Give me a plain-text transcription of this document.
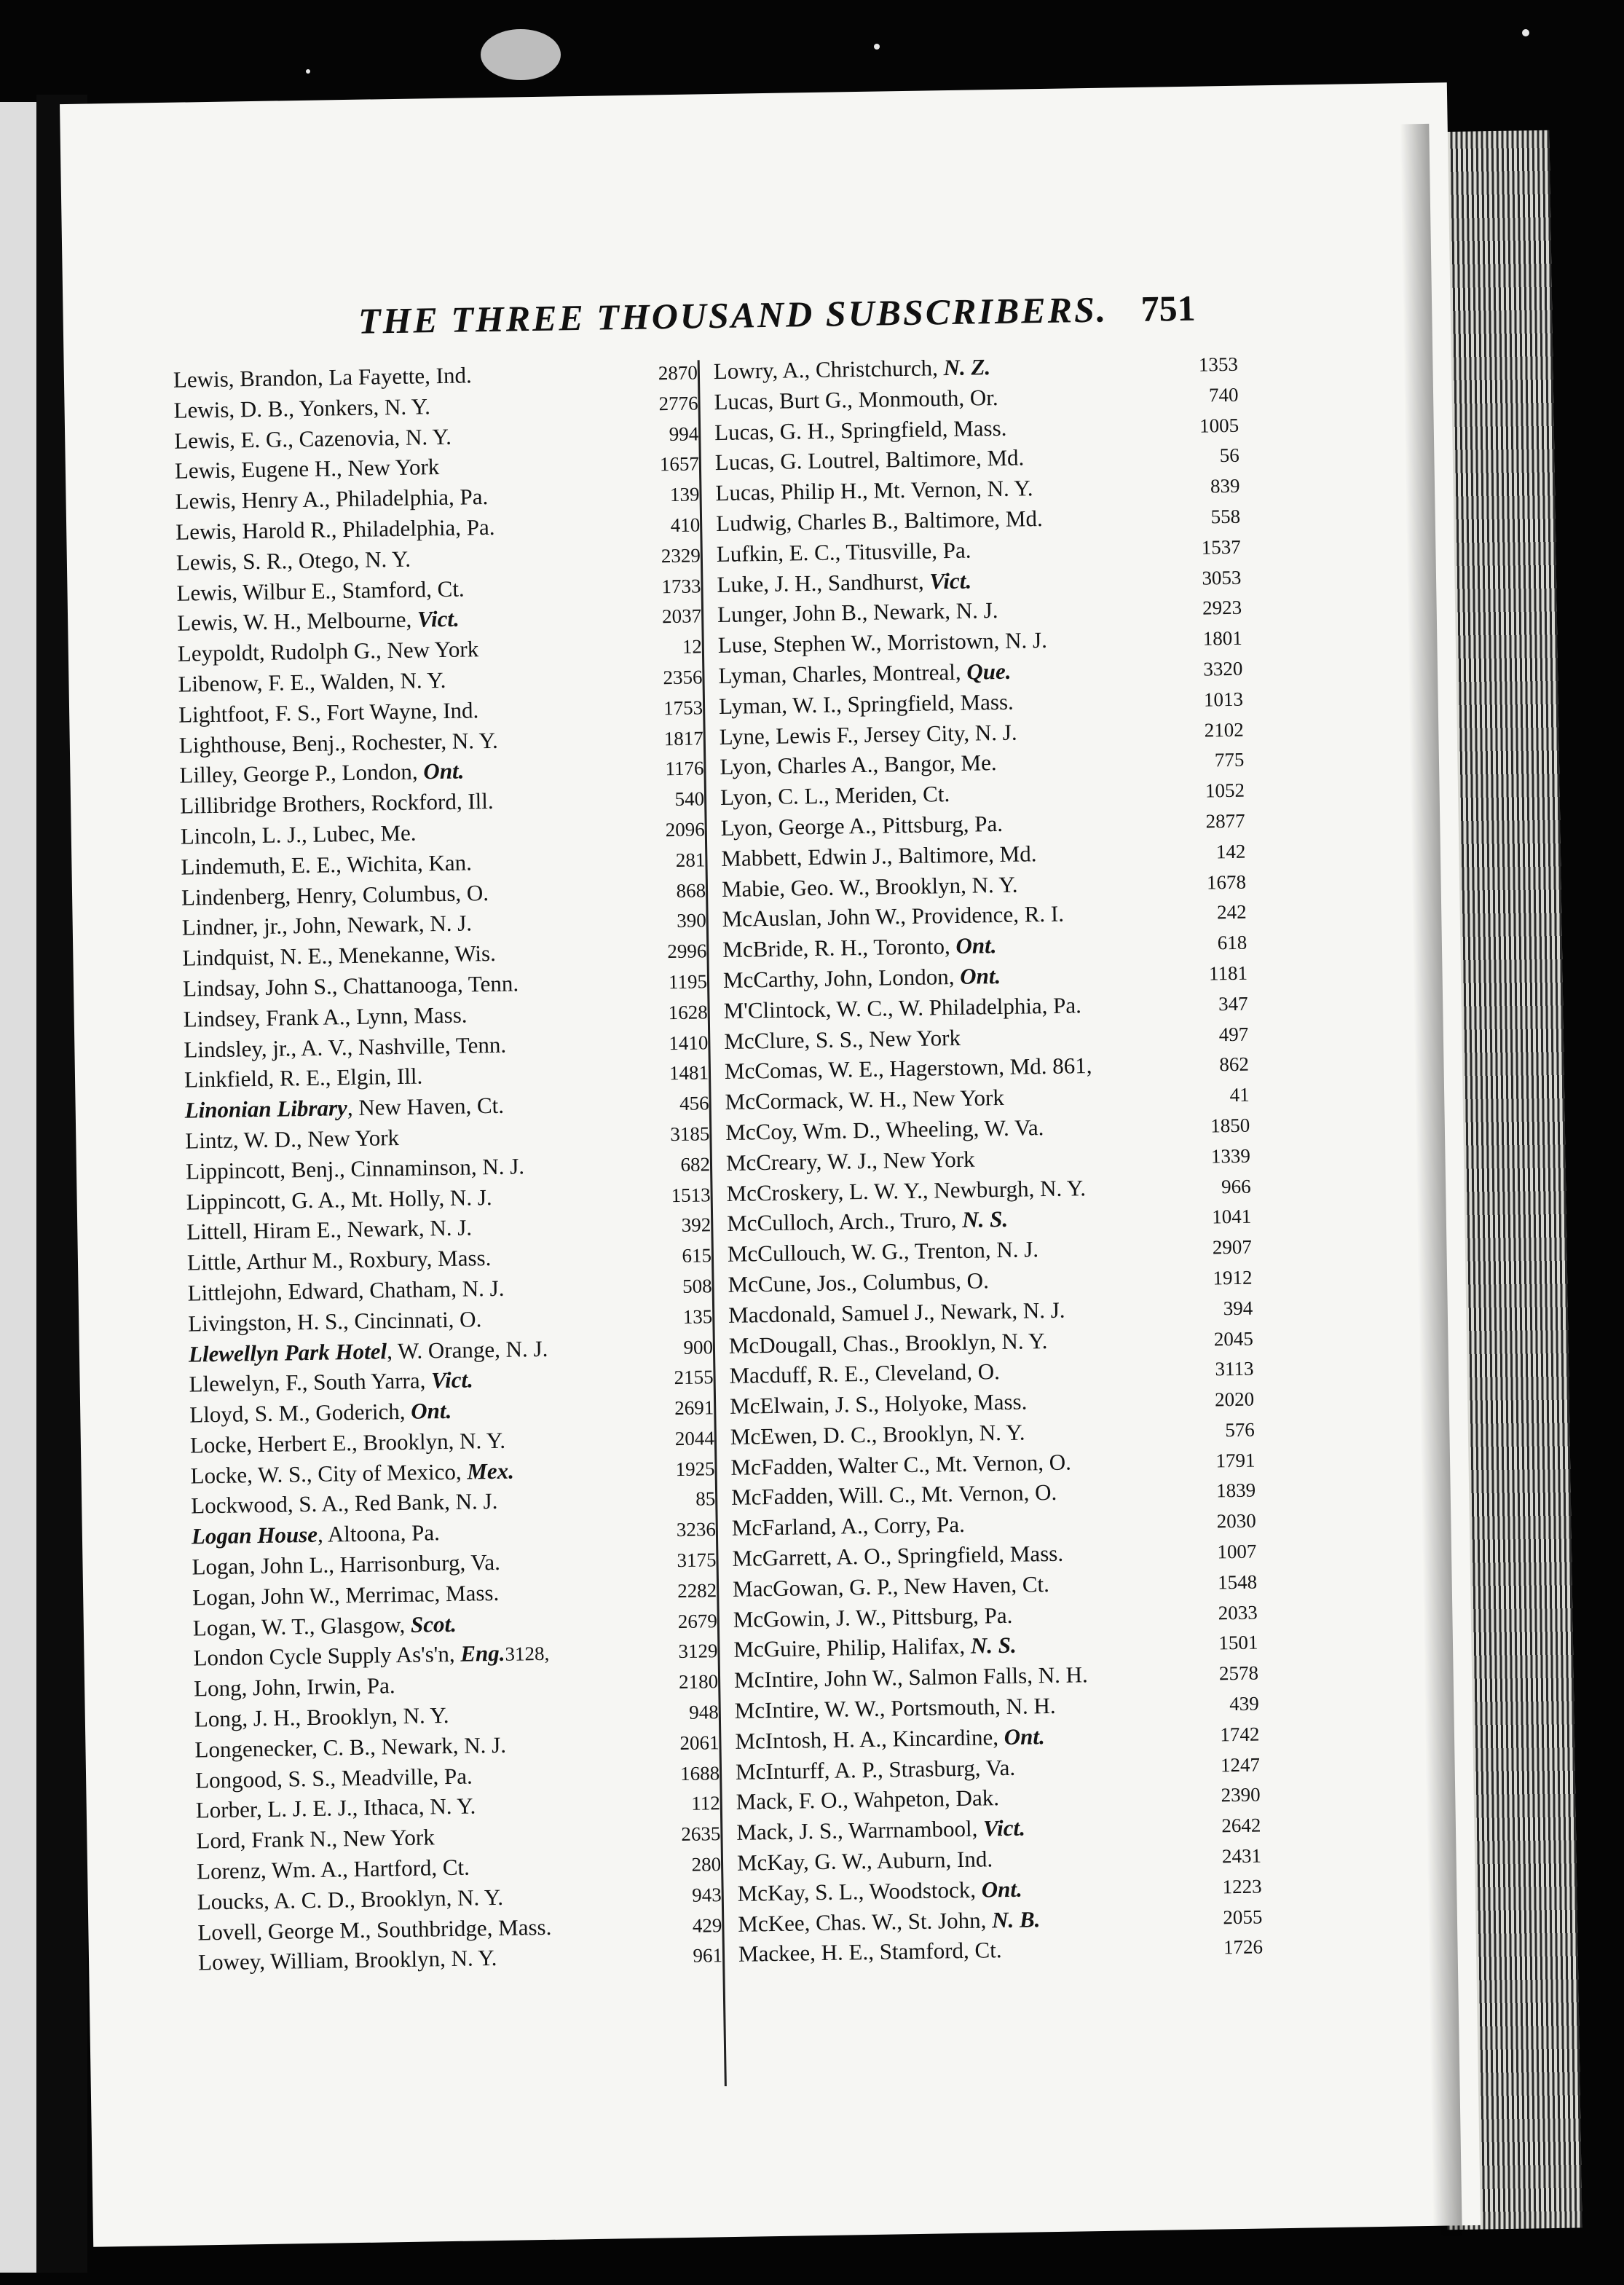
THE THREE THOUSAND SUBSCRIBERS. 751
Lewis, Brandon, La Fayette, Ind.	2870
Lewis, D. B., Yonkers, N. Y.	2776
Lewis, E. G., Cazenovia, N. Y.	994
Lewis, Eugene H., New York	1657
Lewis, Henry A., Philadelphia, Pa.	139
Lewis, Harold R., Philadelphia, Pa.	410
Lewis, S. R., Otego, N. Y.	2329
Lewis, Wilbur E., Stamford, Ct.	1733
Lewis, W. H., Melbourne, Vict.	2037
Leypoldt, Rudolph G., New York	12
Libenow, F. E., Walden, N. Y.	2356
Lightfoot, F. S., Fort Wayne, Ind.	1753
Lighthouse, Benj., Rochester, N. Y.	1817
Lilley, George P., London, Ont.	1176
Lillibridge Brothers, Rockford, Ill.	540
Lincoln, L. J., Lubec, Me.	2096
Lindemuth, E. E., Wichita, Kan.	281
Lindenberg, Henry, Columbus, O.	868
Lindner, jr., John, Newark, N. J.	390
Lindquist, N. E., Menekanne, Wis.	2996
Lindsay, John S., Chattanooga, Tenn.	1195
Lindsey, Frank A., Lynn, Mass.	1628
Lindsley, jr., A. V., Nashville, Tenn.	1410
Linkfield, R. E., Elgin, Ill.	1481
Linonian Library, New Haven, Ct.	456
Lintz, W. D., New York	3185
Lippincott, Benj., Cinnaminson, N. J.	682
Lippincott, G. A., Mt. Holly, N. J.	1513
Littell, Hiram E., Newark, N. J.	392
Little, Arthur M., Roxbury, Mass.	615
Littlejohn, Edward, Chatham, N. J.	508
Livingston, H. S., Cincinnati, O.	135
Llewellyn Park Hotel, W. Orange, N. J.	900
Llewelyn, F., South Yarra, Vict.	2155
Lloyd, S. M., Goderich, Ont.	2691
Locke, Herbert E., Brooklyn, N. Y.	2044
Locke, W. S., City of Mexico, Mex.	1925
Lockwood, S. A., Red Bank, N. J.	85
Logan House, Altoona, Pa.	3236
Logan, John L., Harrisonburg, Va.	3175
Logan, John W., Merrimac, Mass.	2282
Logan, W. T., Glasgow, Scot.	2679
London Cycle Supply As's'n, Eng.3128,	3129
Long, John, Irwin, Pa.	2180
Long, J. H., Brooklyn, N. Y.	948
Longenecker, C. B., Newark, N. J.	2061
Longood, S. S., Meadville, Pa.	1688
Lorber, L. J. E. J., Ithaca, N. Y.	112
Lord, Frank N., New York	2635
Lorenz, Wm. A., Hartford, Ct.	280
Loucks, A. C. D., Brooklyn, N. Y.	943
Lovell, George M., Southbridge, Mass.	429
Lowey, William, Brooklyn, N. Y.	961
Lowry, A., Christchurch, N. Z.	1353
Lucas, Burt G., Monmouth, Or.	740
Lucas, G. H., Springfield, Mass.	1005
Lucas, G. Loutrel, Baltimore, Md.	56
Lucas, Philip H., Mt. Vernon, N. Y.	839
Ludwig, Charles B., Baltimore, Md.	558
Lufkin, E. C., Titusville, Pa.	1537
Luke, J. H., Sandhurst, Vict.	3053
Lunger, John B., Newark, N. J.	2923
Luse, Stephen W., Morristown, N. J.	1801
Lyman, Charles, Montreal, Que.	3320
Lyman, W. I., Springfield, Mass.	1013
Lyne, Lewis F., Jersey City, N. J.	2102
Lyon, Charles A., Bangor, Me.	775
Lyon, C. L., Meriden, Ct.	1052
Lyon, George A., Pittsburg, Pa.	2877
Mabbett, Edwin J., Baltimore, Md.	142
Mabie, Geo. W., Brooklyn, N. Y.	1678
McAuslan, John W., Providence, R. I.	242
McBride, R. H., Toronto, Ont.	618
McCarthy, John, London, Ont.	1181
M'Clintock, W. C., W. Philadelphia, Pa.	347
McClure, S. S., New York	497
McComas, W. E., Hagerstown, Md. 861,	862
McCormack, W. H., New York	41
McCoy, Wm. D., Wheeling, W. Va.	1850
McCreary, W. J., New York	1339
McCroskery, L. W. Y., Newburgh, N. Y.	966
McCulloch, Arch., Truro, N. S.	1041
McCullouch, W. G., Trenton, N. J.	2907
McCune, Jos., Columbus, O.	1912
Macdonald, Samuel J., Newark, N. J.	394
McDougall, Chas., Brooklyn, N. Y.	2045
Macduff, R. E., Cleveland, O.	3113
McElwain, J. S., Holyoke, Mass.	2020
McEwen, D. C., Brooklyn, N. Y.	576
McFadden, Walter C., Mt. Vernon, O.	1791
McFadden, Will. C., Mt. Vernon, O.	1839
McFarland, A., Corry, Pa.	2030
McGarrett, A. O., Springfield, Mass.	1007
MacGowan, G. P., New Haven, Ct.	1548
McGowin, J. W., Pittsburg, Pa.	2033
McGuire, Philip, Halifax, N. S.	1501
McIntire, John W., Salmon Falls, N. H.	2578
McIntire, W. W., Portsmouth, N. H.	439
McIntosh, H. A., Kincardine, Ont.	1742
McInturff, A. P., Strasburg, Va.	1247
Mack, F. O., Wahpeton, Dak.	2390
Mack, J. S., Warrnambool, Vict.	2642
McKay, G. W., Auburn, Ind.	2431
McKay, S. L., Woodstock, Ont.	1223
McKee, Chas. W., St. John, N. B.	2055
Mackee, H. E., Stamford, Ct.	1726
